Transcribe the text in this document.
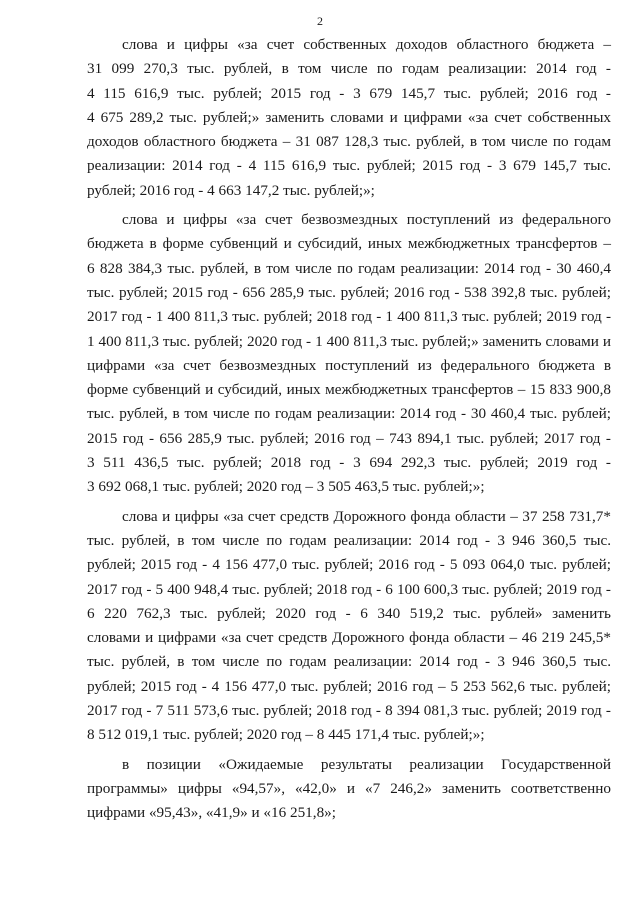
2

слова и цифры «за счет собственных доходов областного бюджета –
31 099 270,3 тыс. рублей, в том числе по годам реализации: 2014 год -
4 115 616,9 тыс. рублей; 2015 год - 3 679 145,7 тыс. рублей; 2016 год -
4 675 289,2 тыс. рублей;» заменить словами и цифрами «за счет собственных
доходов областного бюджета – 31 087 128,3 тыс. рублей, в том числе по годам
реализации: 2014 год - 4 115 616,9 тыс. рублей; 2015 год - 3 679 145,7 тыс.
рублей; 2016 год - 4 663 147,2 тыс. рублей;»;

слова и цифры «за счет безвозмездных поступлений из федерального
бюджета в форме субвенций и субсидий, иных межбюджетных трансфертов –
6 828 384,3 тыс. рублей, в том числе по годам реализации: 2014 год - 30 460,4
тыс. рублей; 2015 год - 656 285,9 тыс. рублей; 2016 год - 538 392,8 тыс. рублей;
2017 год - 1 400 811,3 тыс. рублей; 2018 год - 1 400 811,3 тыс. рублей; 2019 год -
1 400 811,3 тыс. рублей; 2020 год - 1 400 811,3 тыс. рублей;» заменить словами и
цифрами «за счет безвозмездных поступлений из федерального бюджета в
форме субвенций и субсидий, иных межбюджетных трансфертов – 15 833 900,8
тыс. рублей, в том числе по годам реализации: 2014 год - 30 460,4 тыс. рублей;
2015 год - 656 285,9 тыс. рублей; 2016 год – 743 894,1 тыс. рублей; 2017 год -
3 511 436,5 тыс. рублей; 2018 год - 3 694 292,3 тыс. рублей; 2019 год -
3 692 068,1 тыс. рублей; 2020 год – 3 505 463,5 тыс. рублей;»;

слова и цифры «за счет средств Дорожного фонда области – 37 258 731,7*
тыс. рублей, в том числе по годам реализации: 2014 год - 3 946 360,5 тыс.
рублей; 2015 год - 4 156 477,0 тыс. рублей; 2016 год - 5 093 064,0 тыс. рублей;
2017 год - 5 400 948,4 тыс. рублей; 2018 год - 6 100 600,3 тыс. рублей; 2019 год -
6 220 762,3 тыс. рублей; 2020 год - 6 340 519,2 тыс. рублей» заменить
словами и цифрами «за счет средств Дорожного фонда области – 46 219 245,5*
тыс. рублей, в том числе по годам реализации: 2014 год - 3 946 360,5 тыс.
рублей; 2015 год - 4 156 477,0 тыс. рублей; 2016 год – 5 253 562,6 тыс. рублей;
2017 год - 7 511 573,6 тыс. рублей; 2018 год - 8 394 081,3 тыс. рублей; 2019 год -
8 512 019,1 тыс. рублей; 2020 год – 8 445 171,4 тыс. рублей;»;

в позиции «Ожидаемые результаты реализации Государственной
программы» цифры «94,57», «42,0» и «7 246,2» заменить соответственно
цифрами «95,43», «41,9» и «16 251,8»;
